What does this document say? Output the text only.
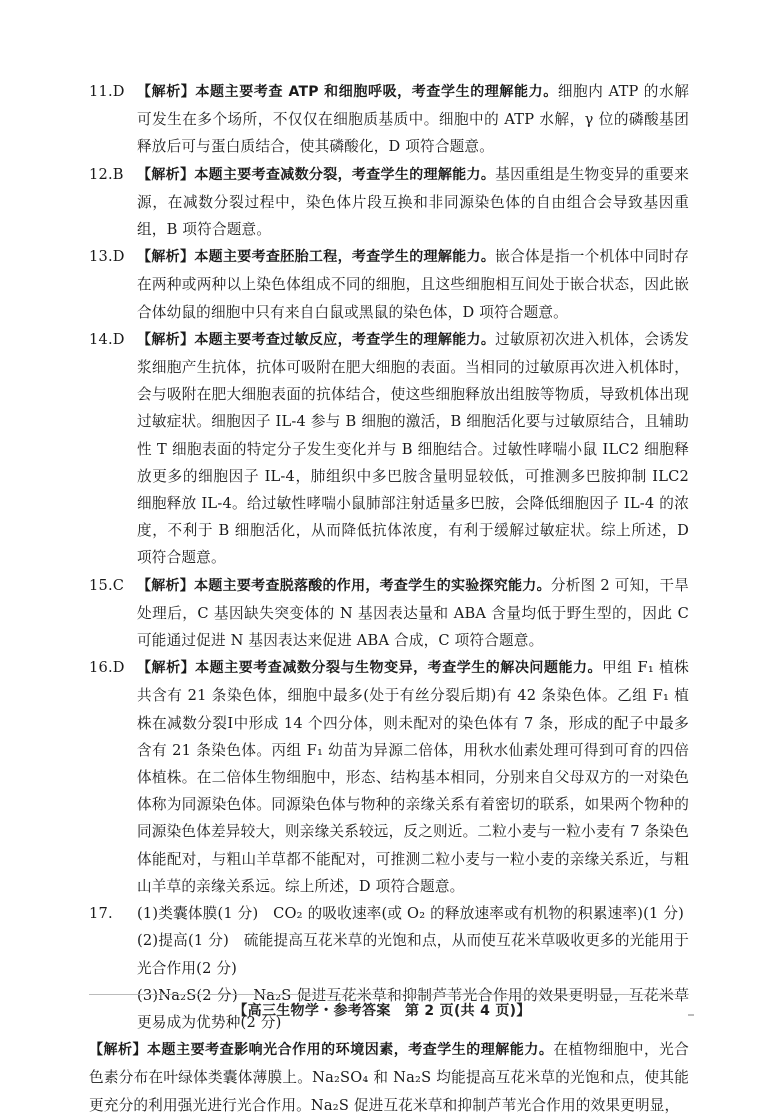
11.D 【解析】本题主要考查 ATP 和细胞呼吸，考查学生的理解能力。细胞内 ATP 的水解可发生在多个场所，不仅仅在细胞质基质中。细胞中的 ATP 水解，γ 位的磷酸基团释放后可与蛋白质结合，使其磷酸化，D 项符合题意。
12.B 【解析】本题主要考查减数分裂，考查学生的理解能力。基因重组是生物变异的重要来源，在减数分裂过程中，染色体片段互换和非同源染色体的自由组合会导致基因重组，B 项符合题意。
13.D 【解析】本题主要考查胚胎工程，考查学生的理解能力。嵌合体是指一个机体中同时存在两种或两种以上染色体组成不同的细胞，且这些细胞相互间处于嵌合状态，因此嵌合体幼鼠的细胞中只有来自白鼠或黑鼠的染色体，D 项符合题意。
14.D 【解析】本题主要考查过敏反应，考查学生的理解能力。过敏原初次进入机体，会诱发浆细胞产生抗体，抗体可吸附在肥大细胞的表面。当相同的过敏原再次进入机体时，会与吸附在肥大细胞表面的抗体结合，使这些细胞释放出组胺等物质，导致机体出现过敏症状。细胞因子 IL-4 参与 B 细胞的激活，B 细胞活化要与过敏原结合，且辅助性 T 细胞表面的特定分子发生变化并与 B 细胞结合。过敏性哮喘小鼠 ILC2 细胞释放更多的细胞因子 IL-4，肺组织中多巴胺含量明显较低，可推测多巴胺抑制 ILC2 细胞释放 IL-4。给过敏性哮喘小鼠肺部注射适量多巴胺，会降低细胞因子 IL-4 的浓度，不利于 B 细胞活化，从而降低抗体浓度，有利于缓解过敏症状。综上所述，D 项符合题意。
15.C 【解析】本题主要考查脱落酸的作用，考查学生的实验探究能力。分析图 2 可知，干旱处理后，C 基因缺失突变体的 N 基因表达量和 ABA 含量均低于野生型的，因此 C 可能通过促进 N 基因表达来促进 ABA 合成，C 项符合题意。
16.D 【解析】本题主要考查减数分裂与生物变异，考查学生的解决问题能力。甲组 F₁ 植株共含有 21 条染色体，细胞中最多(处于有丝分裂后期)有 42 条染色体。乙组 F₁ 植株在减数分裂Ⅰ中形成 14 个四分体，则未配对的染色体有 7 条，形成的配子中最多含有 21 条染色体。丙组 F₁ 幼苗为异源二倍体，用秋水仙素处理可得到可育的四倍体植株。在二倍体生物细胞中，形态、结构基本相同，分别来自父母双方的一对染色体称为同源染色体。同源染色体与物种的亲缘关系有着密切的联系，如果两个物种的同源染色体差异较大，则亲缘关系较远，反之则近。二粒小麦与一粒小麦有 7 条染色体能配对，与粗山羊草都不能配对，可推测二粒小麦与一粒小麦的亲缘关系近，与粗山羊草的亲缘关系远。综上所述，D 项符合题意。
17.	(1)类囊体膜(1 分)　CO₂ 的吸收速率(或 O₂ 的释放速率或有机物的积累速率)(1 分)
(2)提高(1 分)　硫能提高互花米草的光饱和点，从而使互花米草吸收更多的光能用于光合作用(2 分)
(3)Na₂S(2 分)　Na₂S 促进互花米草和抑制芦苇光合作用的效果更明显，互花米草更易成为优势种(2 分)
【解析】本题主要考查影响光合作用的环境因素，考查学生的理解能力。在植物细胞中，光合色素分布在叶绿体类囊体薄膜上。Na₂SO₄ 和 Na₂S 均能提高互花米草的光饱和点，使其能更充分的利用强光进行光合作用。Na₂S 促进互花米草和抑制芦苇光合作用的效果更明显，
【高三生物学・参考答案　第 2 页(共 4 页)】
